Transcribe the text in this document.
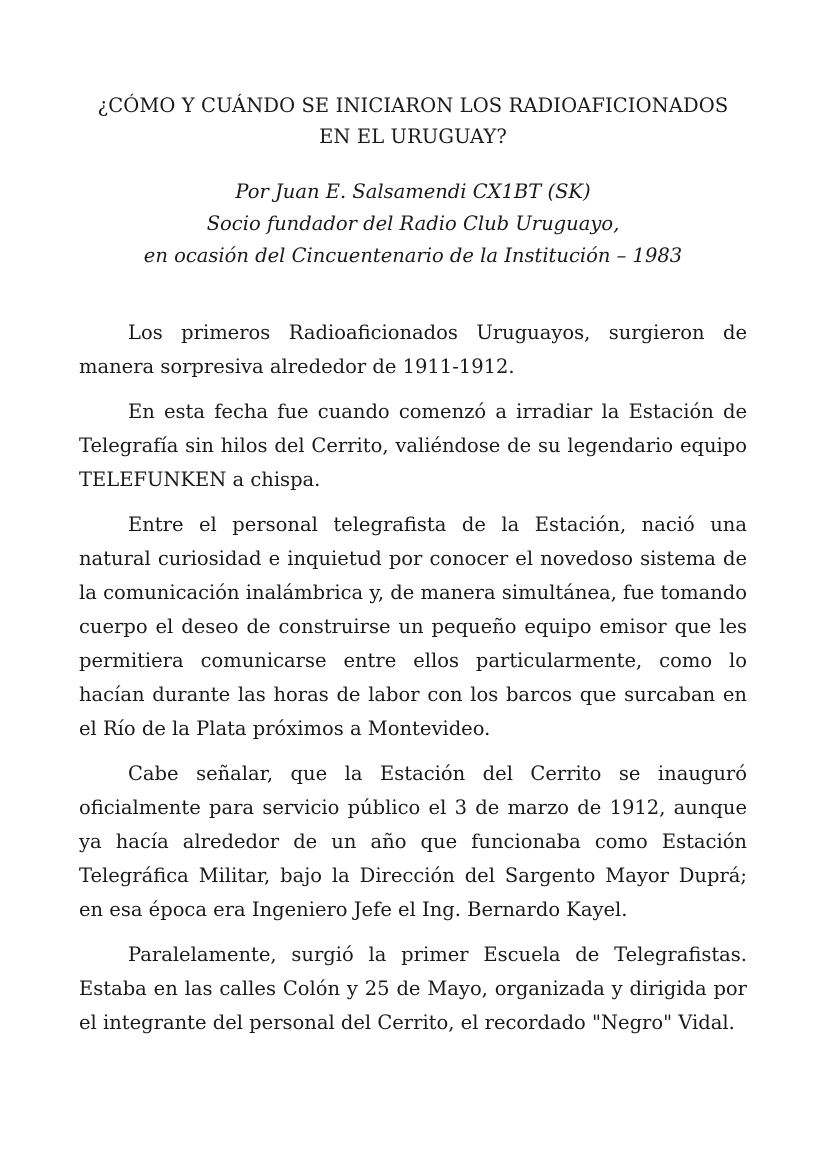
¿CÓMO Y CUÁNDO SE INICIARON LOS RADIOAFICIONADOS EN EL URUGUAY?
Por Juan E. Salsamendi CX1BT (SK)
Socio fundador del Radio Club Uruguayo,
en ocasión del Cincuentenario de la Institución – 1983

Los primeros Radioaficionados Uruguayos, surgieron de manera sorpresiva alrededor de 1911-1912.

En esta fecha fue cuando comenzó a irradiar la Estación de Telegrafía sin hilos del Cerrito, valiéndose de su legendario equipo TELEFUNKEN a chispa.

Entre el personal telegrafista de la Estación, nació una natural curiosidad e inquietud por conocer el novedoso sistema de la comunicación inalámbrica y, de manera simultánea, fue tomando cuerpo el deseo de construirse un pequeño equipo emisor que les permitiera comunicarse entre ellos particularmente, como lo hacían durante las horas de labor con los barcos que surcaban en el Río de la Plata próximos a Montevideo.

Cabe señalar, que la Estación del Cerrito se inauguró oficialmente para servicio público el 3 de marzo de 1912, aunque ya hacía alrededor de un año que funcionaba como Estación Telegráfica Militar, bajo la Dirección del Sargento Mayor Duprá; en esa época era Ingeniero Jefe el Ing. Bernardo Kayel.

Paralelamente, surgió la primer Escuela de Telegrafistas. Estaba en las calles Colón y 25 de Mayo, organizada y dirigida por el integrante del personal del Cerrito, el recordado "Negro" Vidal.
